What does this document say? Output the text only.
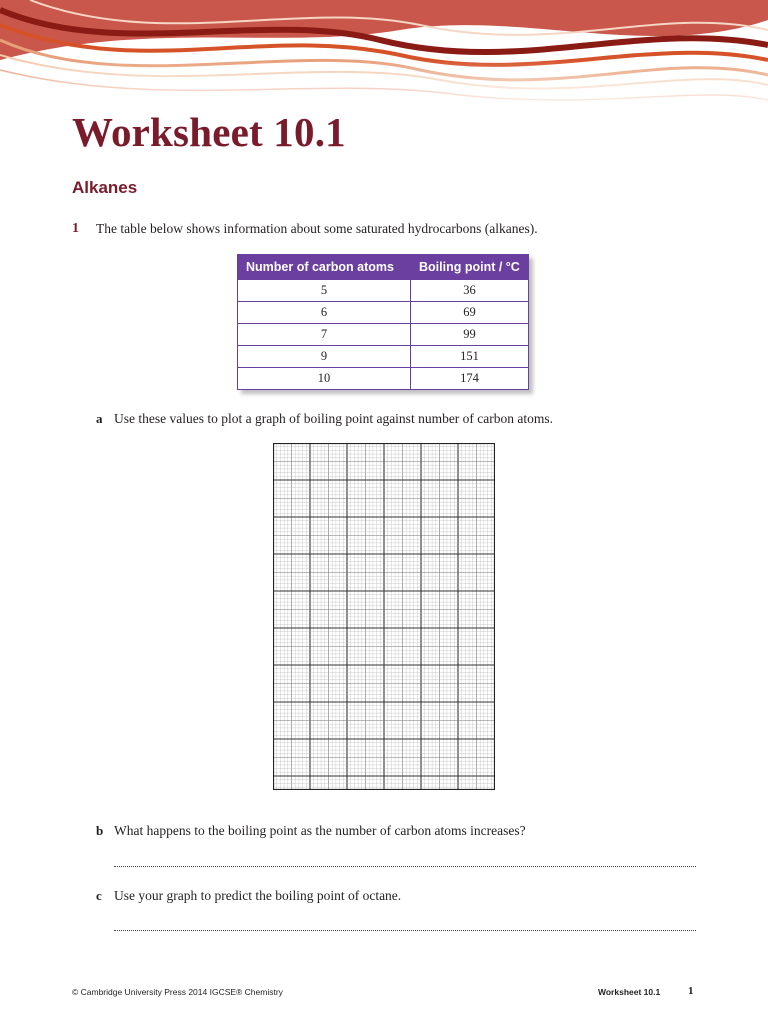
Worksheet 10.1
Alkanes
1 The table below shows information about some saturated hydrocarbons (alkanes).
Number of carbon atoms	Boiling point / °C
5	36
6	69
7	99
9	151
10	174
a Use these values to plot a graph of boiling point against number of carbon atoms.
b What happens to the boiling point as the number of carbon atoms increases?
c Use your graph to predict the boiling point of octane.
© Cambridge University Press 2014 IGCSE® Chemistry	Worksheet 10.1	1
